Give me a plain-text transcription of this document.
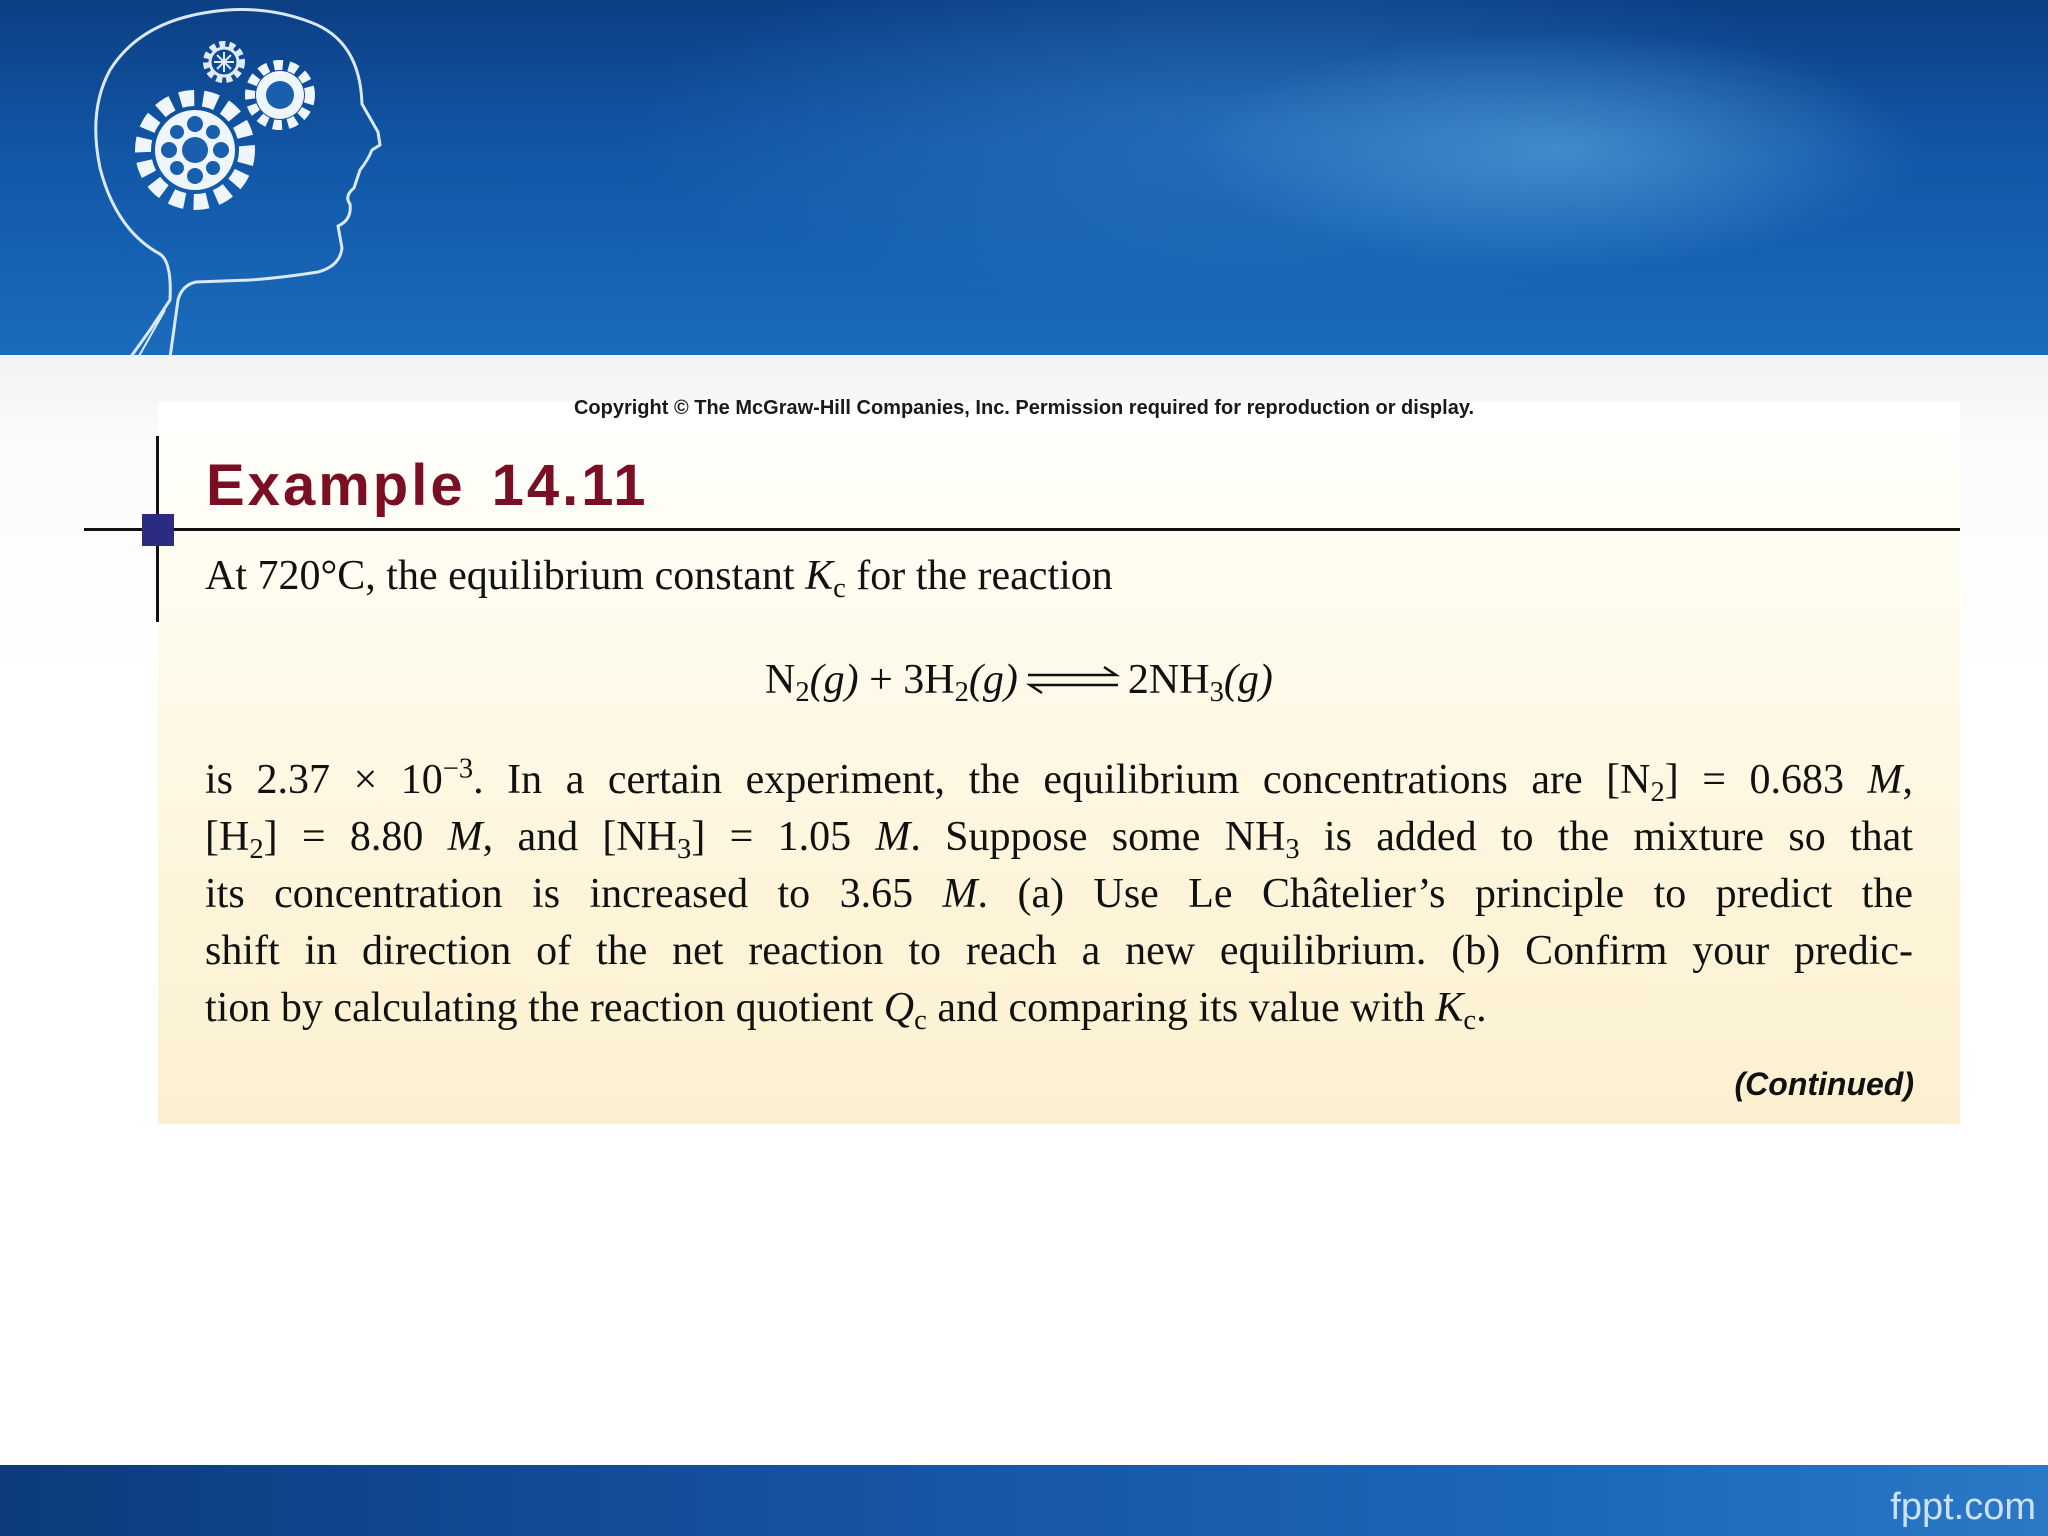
Copyright © The McGraw-Hill Companies, Inc. Permission required for reproduction or display.
Example 14.11
At 720°C, the equilibrium constant $K_c$ for the reaction
$N_2(g) + 3H_2(g)$ ⇌ $2NH_3(g)$
is $2.37 \times 10^{-3}$. In a certain experiment, the equilibrium concentrations are $[N_2] = 0.683$ M,
$[H_2] = 8.80$ M, and $[NH_3] = 1.05$ M. Suppose some $NH_3$ is added to the mixture so that
its concentration is increased to 3.65 M. (a) Use Le Châtelier’s principle to predict the
shift in direction of the net reaction to reach a new equilibrium. (b) Confirm your predic-
tion by calculating the reaction quotient $Q_c$ and comparing its value with $K_c$.
(Continued)
fppt.com
